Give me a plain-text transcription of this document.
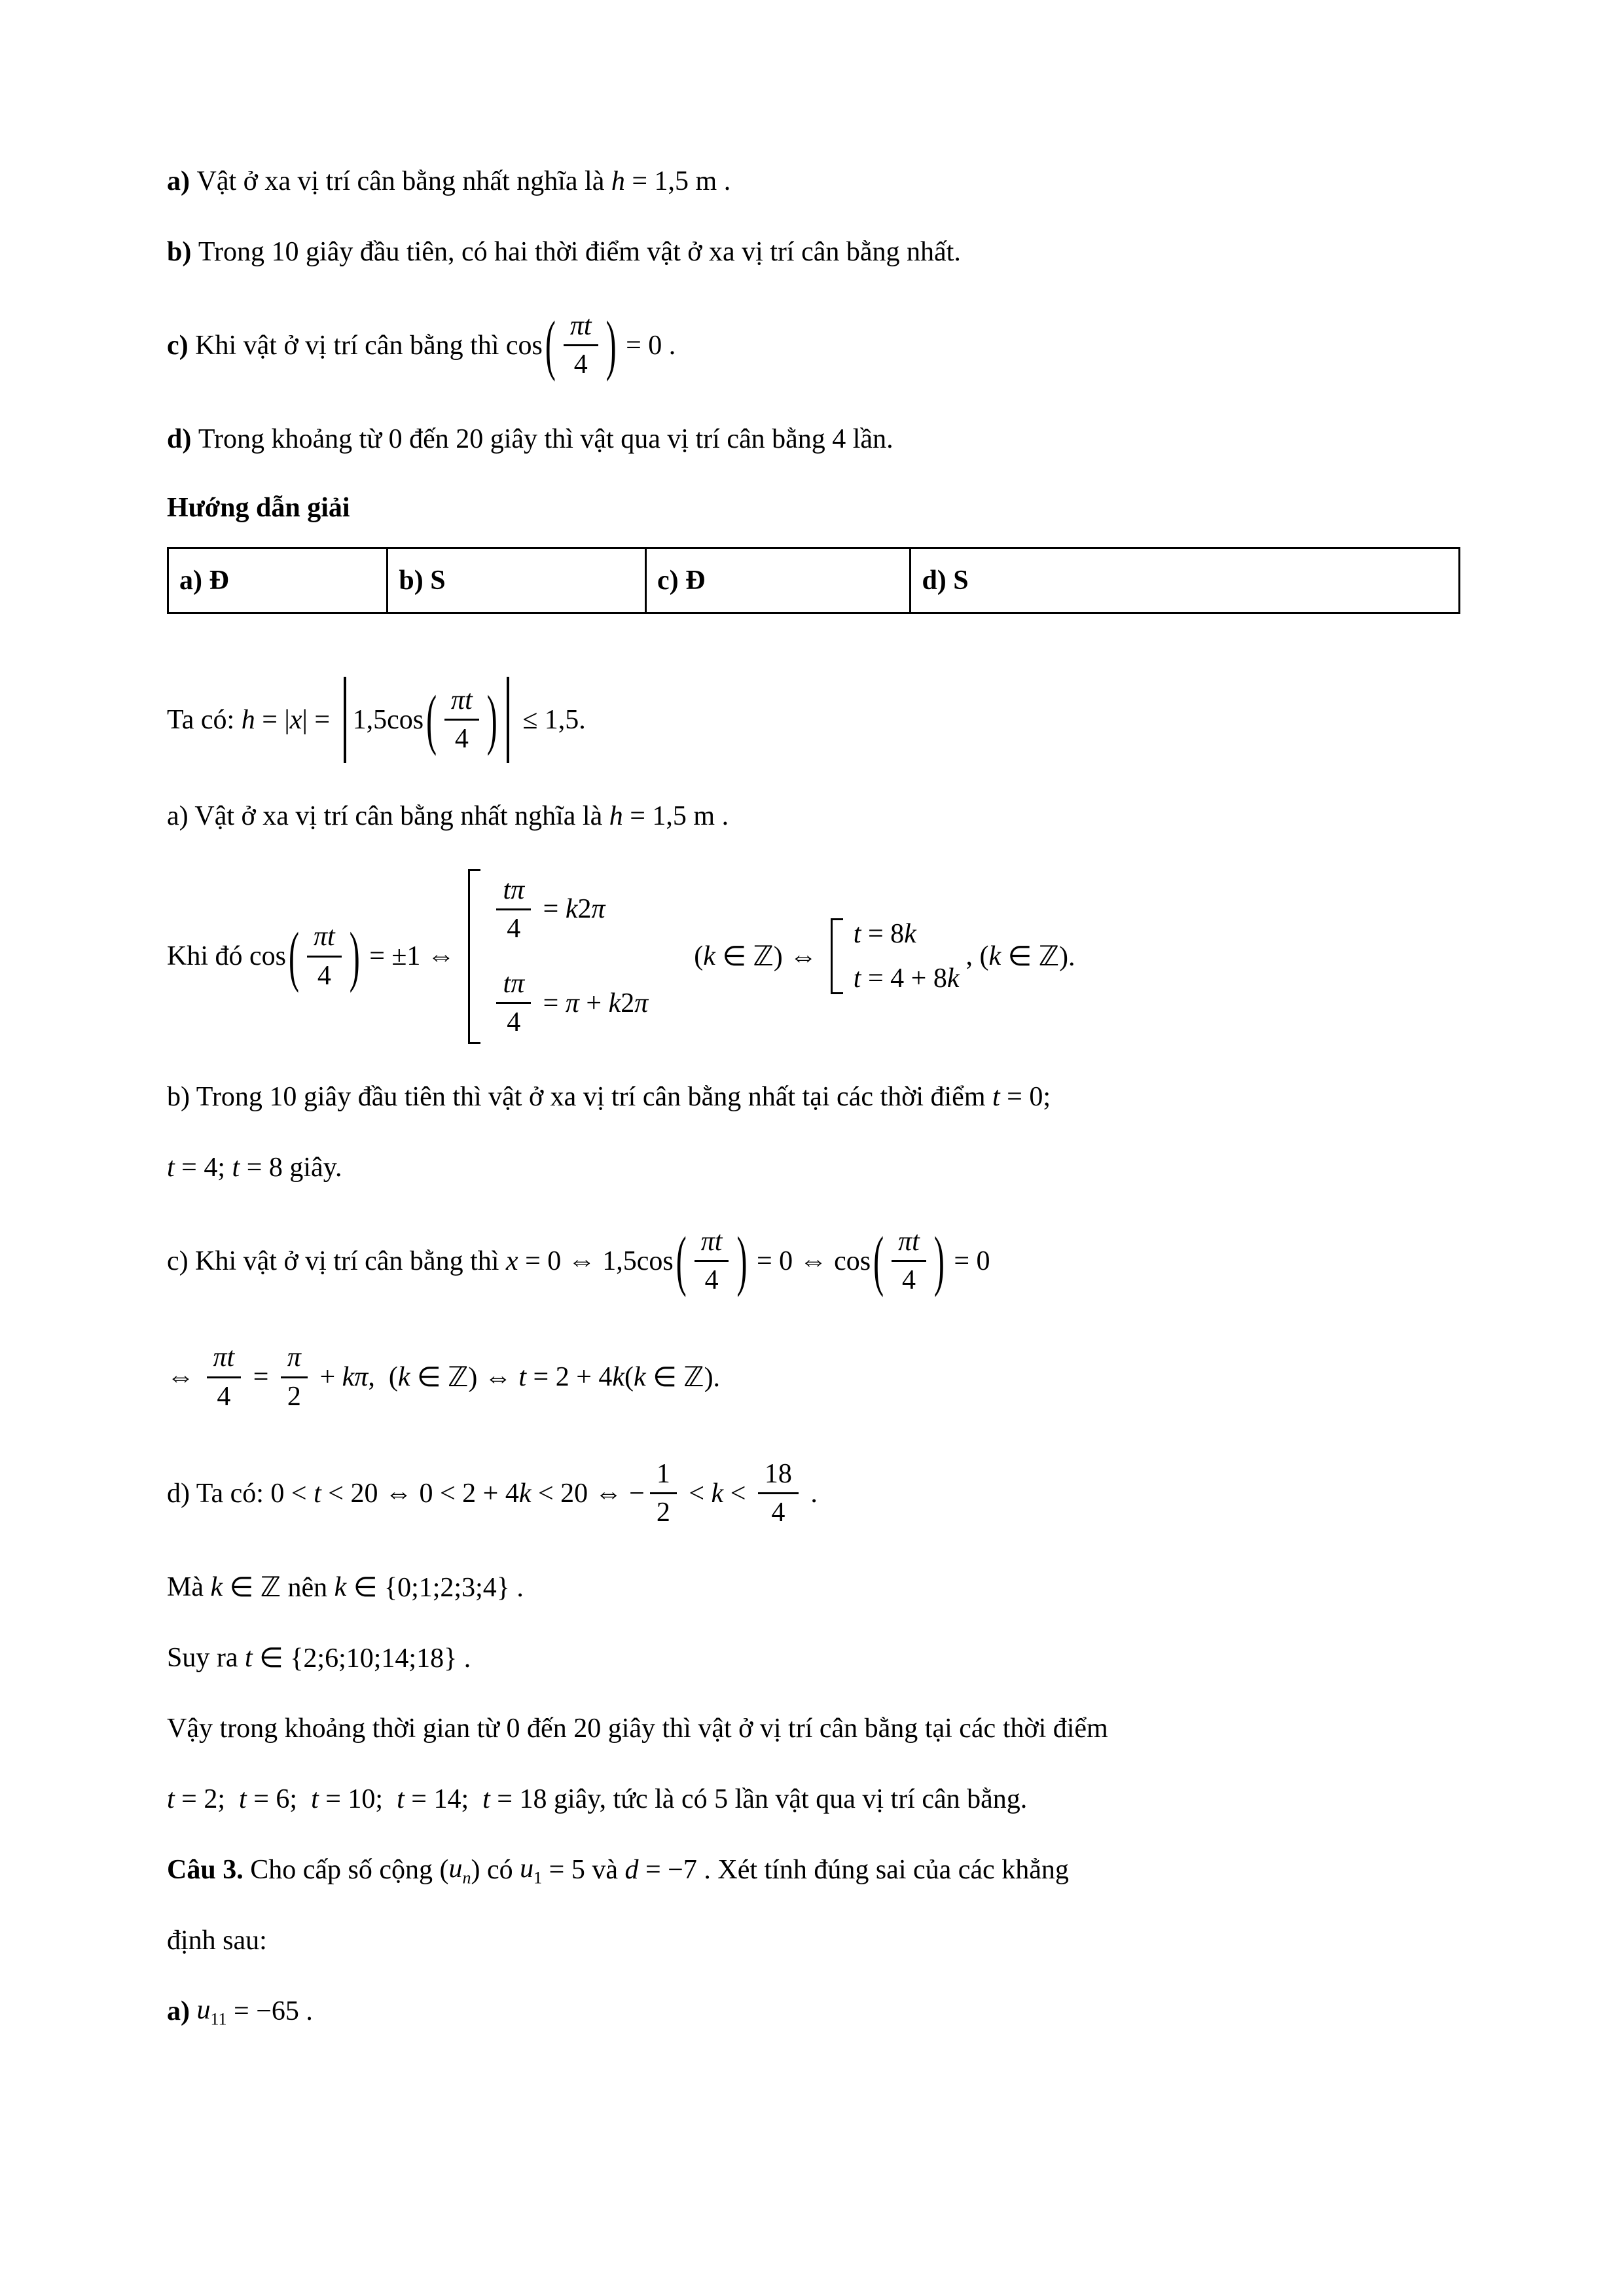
a) Vật ở xa vị trí cân bằng nhất nghĩa là h = 1,5 m .
b) Trong 10 giây đầu tiên, có hai thời điểm vật ở xa vị trí cân bằng nhất.
c) Khi vật ở vị trí cân bằng thì cos ( $\frac{\pi t}{4}$ ) = 0 .
d) Trong khoảng từ 0 đến 20 giây thì vật qua vị trí cân bằng 4 lần.
Hướng dẫn giải
a) Đ	b) S	c) Đ	d) S
Ta có: h = | x | = 1,5cos ( $\frac{\pi t}{4}$ ) ≤ 1,5.
a) Vật ở xa vị trí cân bằng nhất nghĩa là h = 1,5 m .
Khi đó cos ( $\frac{\pi t}{4}$ ) = ±1 ⇔
$\frac{t\pi}{4} = k$ 2 π
$\frac{t\pi}{4} = \pi + k$ 2 π
( k ∈ ℤ) ⇔
t = 8 k
t = 4 + 8 k
, ( k ∈ ℤ).
b) Trong 10 giây đầu tiên thì vật ở xa vị trí cân bằng nhất tại các thời điểm t = 0;
t = 4; t = 8 giây.
c) Khi vật ở vị trí cân bằng thì x = 0 ⇔ 1,5cos ( $\frac{\pi t}{4}$ ) = 0 ⇔ cos ( $\frac{\pi t}{4}$ ) = 0
⇔ $\frac{\pi t}{4} = \frac{\pi}{2} + k\pi$ ,  ( k ∈ ℤ) ⇔ t = 2 + 4 k ( k ∈ ℤ).
d) Ta có: 0 < t < 20 ⇔ 0 < 2 + 4 k < 20 ⇔ − $\frac{1}{2} < k < \frac{18}{4}$ .
Mà k ∈ ℤ nên k ∈ {0;1;2;3;4} .
Suy ra t ∈ {2;6;10;14;18} .
Vậy trong khoảng thời gian từ 0 đến 20 giây thì vật ở vị trí cân bằng tại các thời điểm
t = 2; t = 6; t = 10; t = 14; t = 18 giây, tức là có 5 lần vật qua vị trí cân bằng.
Câu 3. Cho cấp số cộng ( $u_n$ ) có $u_1 = 5$ và d = −7 . Xét tính đúng sai của các khẳng
định sau:
a) $u_{11} = -65$ .
